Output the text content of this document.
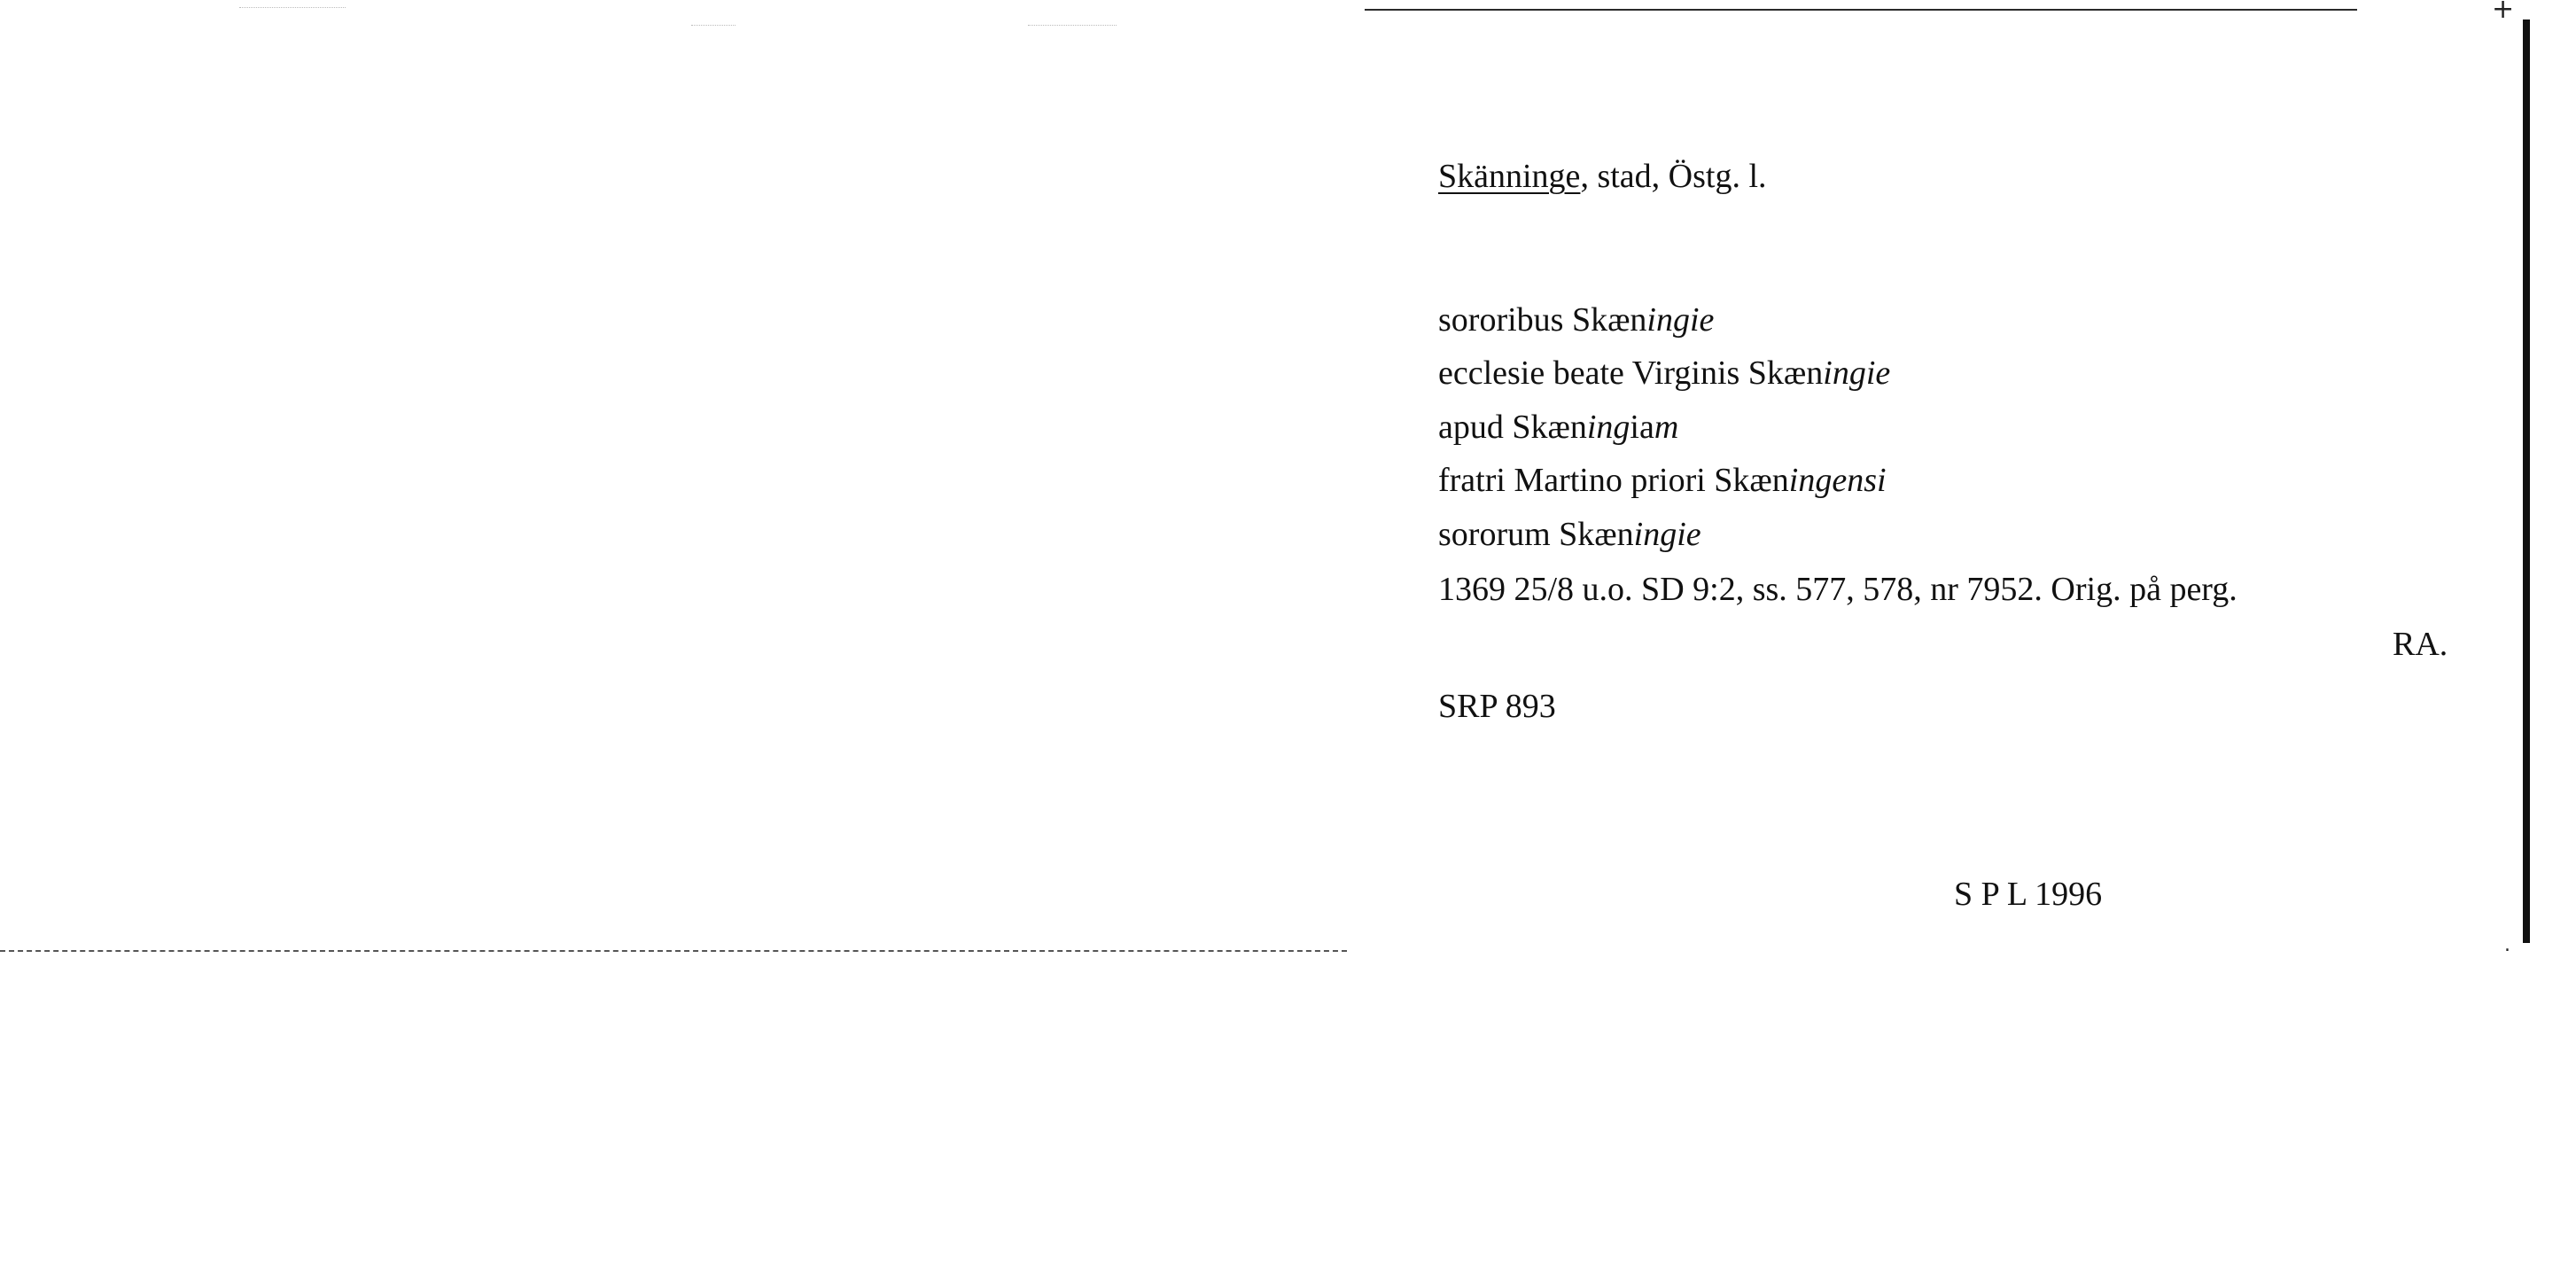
+
Skänninge, stad, Östg. l.
sororibus Skæningie
ecclesie beate Virginis Skæningie
apud Skæningiam
fratri Martino priori Skæningensi
sororum Skæningie
1369 25/8 u.o. SD 9:2, ss. 577, 578, nr 7952. Orig. på perg.
RA.
SRP 893
S P L 1996
.
